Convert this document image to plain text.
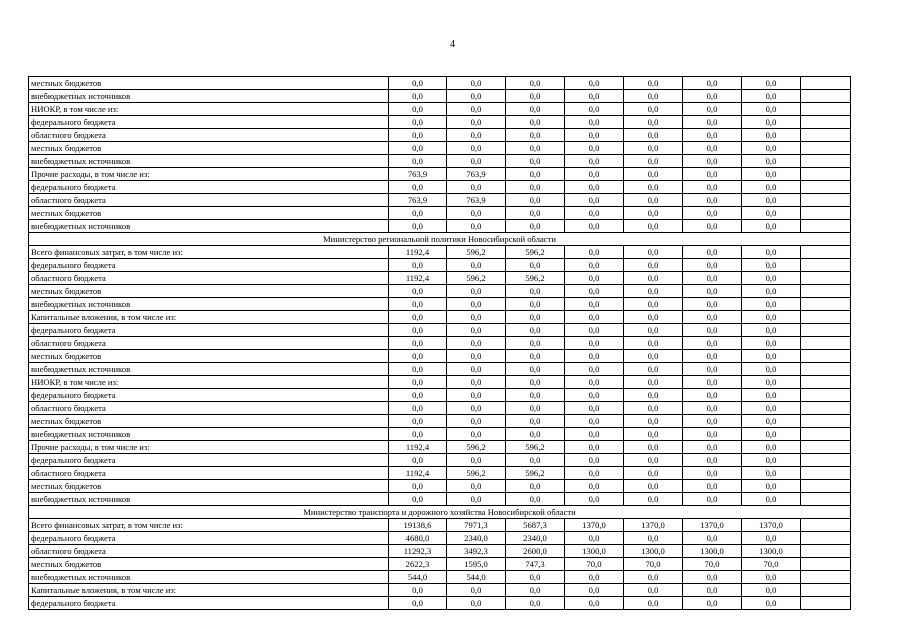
4
местных бюджетов	0,0	0,0	0,0	0,0	0,0	0,0	0,0	
внебюджетных источников	0,0	0,0	0,0	0,0	0,0	0,0	0,0	
НИОКР, в том числе из:	0,0	0,0	0,0	0,0	0,0	0,0	0,0	
федерального бюджета	0,0	0,0	0,0	0,0	0,0	0,0	0,0	
областного бюджета	0,0	0,0	0,0	0,0	0,0	0,0	0,0	
местных бюджетов	0,0	0,0	0,0	0,0	0,0	0,0	0,0	
внебюджетных источников	0,0	0,0	0,0	0,0	0,0	0,0	0,0	
Прочие расходы, в том числе из:	763,9	763,9	0,0	0,0	0,0	0,0	0,0	
федерального бюджета	0,0	0,0	0,0	0,0	0,0	0,0	0,0	
областного бюджета	763,9	763,9	0,0	0,0	0,0	0,0	0,0	
местных бюджетов	0,0	0,0	0,0	0,0	0,0	0,0	0,0	
внебюджетных источников	0,0	0,0	0,0	0,0	0,0	0,0	0,0	
Министерство региональной политики Новосибирской области								
Всего финансовых затрат, в том числе из:	1192,4	596,2	596,2	0,0	0,0	0,0	0,0	
федерального бюджета	0,0	0,0	0,0	0,0	0,0	0,0	0,0	
областного бюджета	1192,4	596,2	596,2	0,0	0,0	0,0	0,0	
местных бюджетов	0,0	0,0	0,0	0,0	0,0	0,0	0,0	
внебюджетных источников	0,0	0,0	0,0	0,0	0,0	0,0	0,0	
Капитальные вложения, в том числе из:	0,0	0,0	0,0	0,0	0,0	0,0	0,0	
федерального бюджета	0,0	0,0	0,0	0,0	0,0	0,0	0,0	
областного бюджета	0,0	0,0	0,0	0,0	0,0	0,0	0,0	
местных бюджетов	0,0	0,0	0,0	0,0	0,0	0,0	0,0	
внебюджетных источников	0,0	0,0	0,0	0,0	0,0	0,0	0,0	
НИОКР, в том числе из:	0,0	0,0	0,0	0,0	0,0	0,0	0,0	
федерального бюджета	0,0	0,0	0,0	0,0	0,0	0,0	0,0	
областного бюджета	0,0	0,0	0,0	0,0	0,0	0,0	0,0	
местных бюджетов	0,0	0,0	0,0	0,0	0,0	0,0	0,0	
внебюджетных источников	0,0	0,0	0,0	0,0	0,0	0,0	0,0	
Прочие расходы, в том числе из:	1192,4	596,2	596,2	0,0	0,0	0,0	0,0	
федерального бюджета	0,0	0,0	0,0	0,0	0,0	0,0	0,0	
областного бюджета	1192,4	596,2	596,2	0,0	0,0	0,0	0,0	
местных бюджетов	0,0	0,0	0,0	0,0	0,0	0,0	0,0	
внебюджетных источников	0,0	0,0	0,0	0,0	0,0	0,0	0,0	
Министерство транспорта и дорожного хозяйства Новосибирской области								
Всего финансовых затрат, в том числе из:	19138,6	7971,3	5687,3	1370,0	1370,0	1370,0	1370,0	
федерального бюджета	4680,0	2340,0	2340,0	0,0	0,0	0,0	0,0	
областного бюджета	11292,3	3492,3	2600,0	1300,0	1300,0	1300,0	1300,0	
местных бюджетов	2622,3	1595,0	747,3	70,0	70,0	70,0	70,0	
внебюджетных источников	544,0	544,0	0,0	0,0	0,0	0,0	0,0	
Капитальные вложения, в том числе из:	0,0	0,0	0,0	0,0	0,0	0,0	0,0	
федерального бюджета	0,0	0,0	0,0	0,0	0,0	0,0	0,0	
